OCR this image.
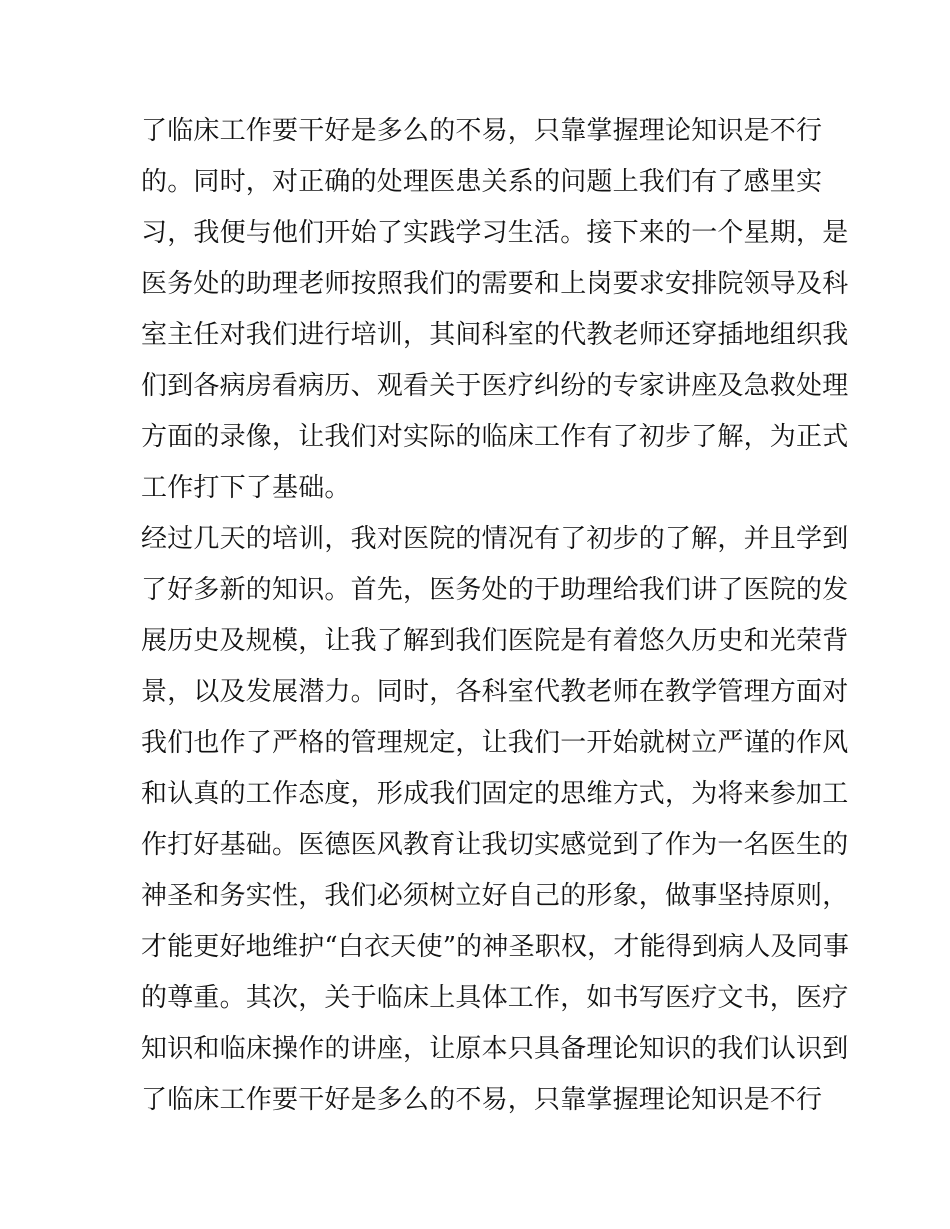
了临床工作要干好是多么的不易，只靠掌握理论知识是不行
的。同时，对正确的处理医患关系的问题上我们有了感里实
习，我便与他们开始了实践学习生活。接下来的一个星期，是
医务处的助理老师按照我们的需要和上岗要求安排院领导及科
室主任对我们进行培训，其间科室的代教老师还穿插地组织我
们到各病房看病历、观看关于医疗纠纷的专家讲座及急救处理
方面的录像，让我们对实际的临床工作有了初步了解，为正式
工作打下了基础。
经过几天的培训，我对医院的情况有了初步的了解，并且学到
了好多新的知识。首先，医务处的于助理给我们讲了医院的发
展历史及规模，让我了解到我们医院是有着悠久历史和光荣背
景，以及发展潜力。同时，各科室代教老师在教学管理方面对
我们也作了严格的管理规定，让我们一开始就树立严谨的作风
和认真的工作态度，形成我们固定的思维方式，为将来参加工
作打好基础。医德医风教育让我切实感觉到了作为一名医生的
神圣和务实性，我们必须树立好自己的形象，做事坚持原则，
才能更好地维护“白衣天使”的神圣职权，才能得到病人及同事
的尊重。其次，关于临床上具体工作，如书写医疗文书，医疗
知识和临床操作的讲座，让原本只具备理论知识的我们认识到
了临床工作要干好是多么的不易，只靠掌握理论知识是不行
